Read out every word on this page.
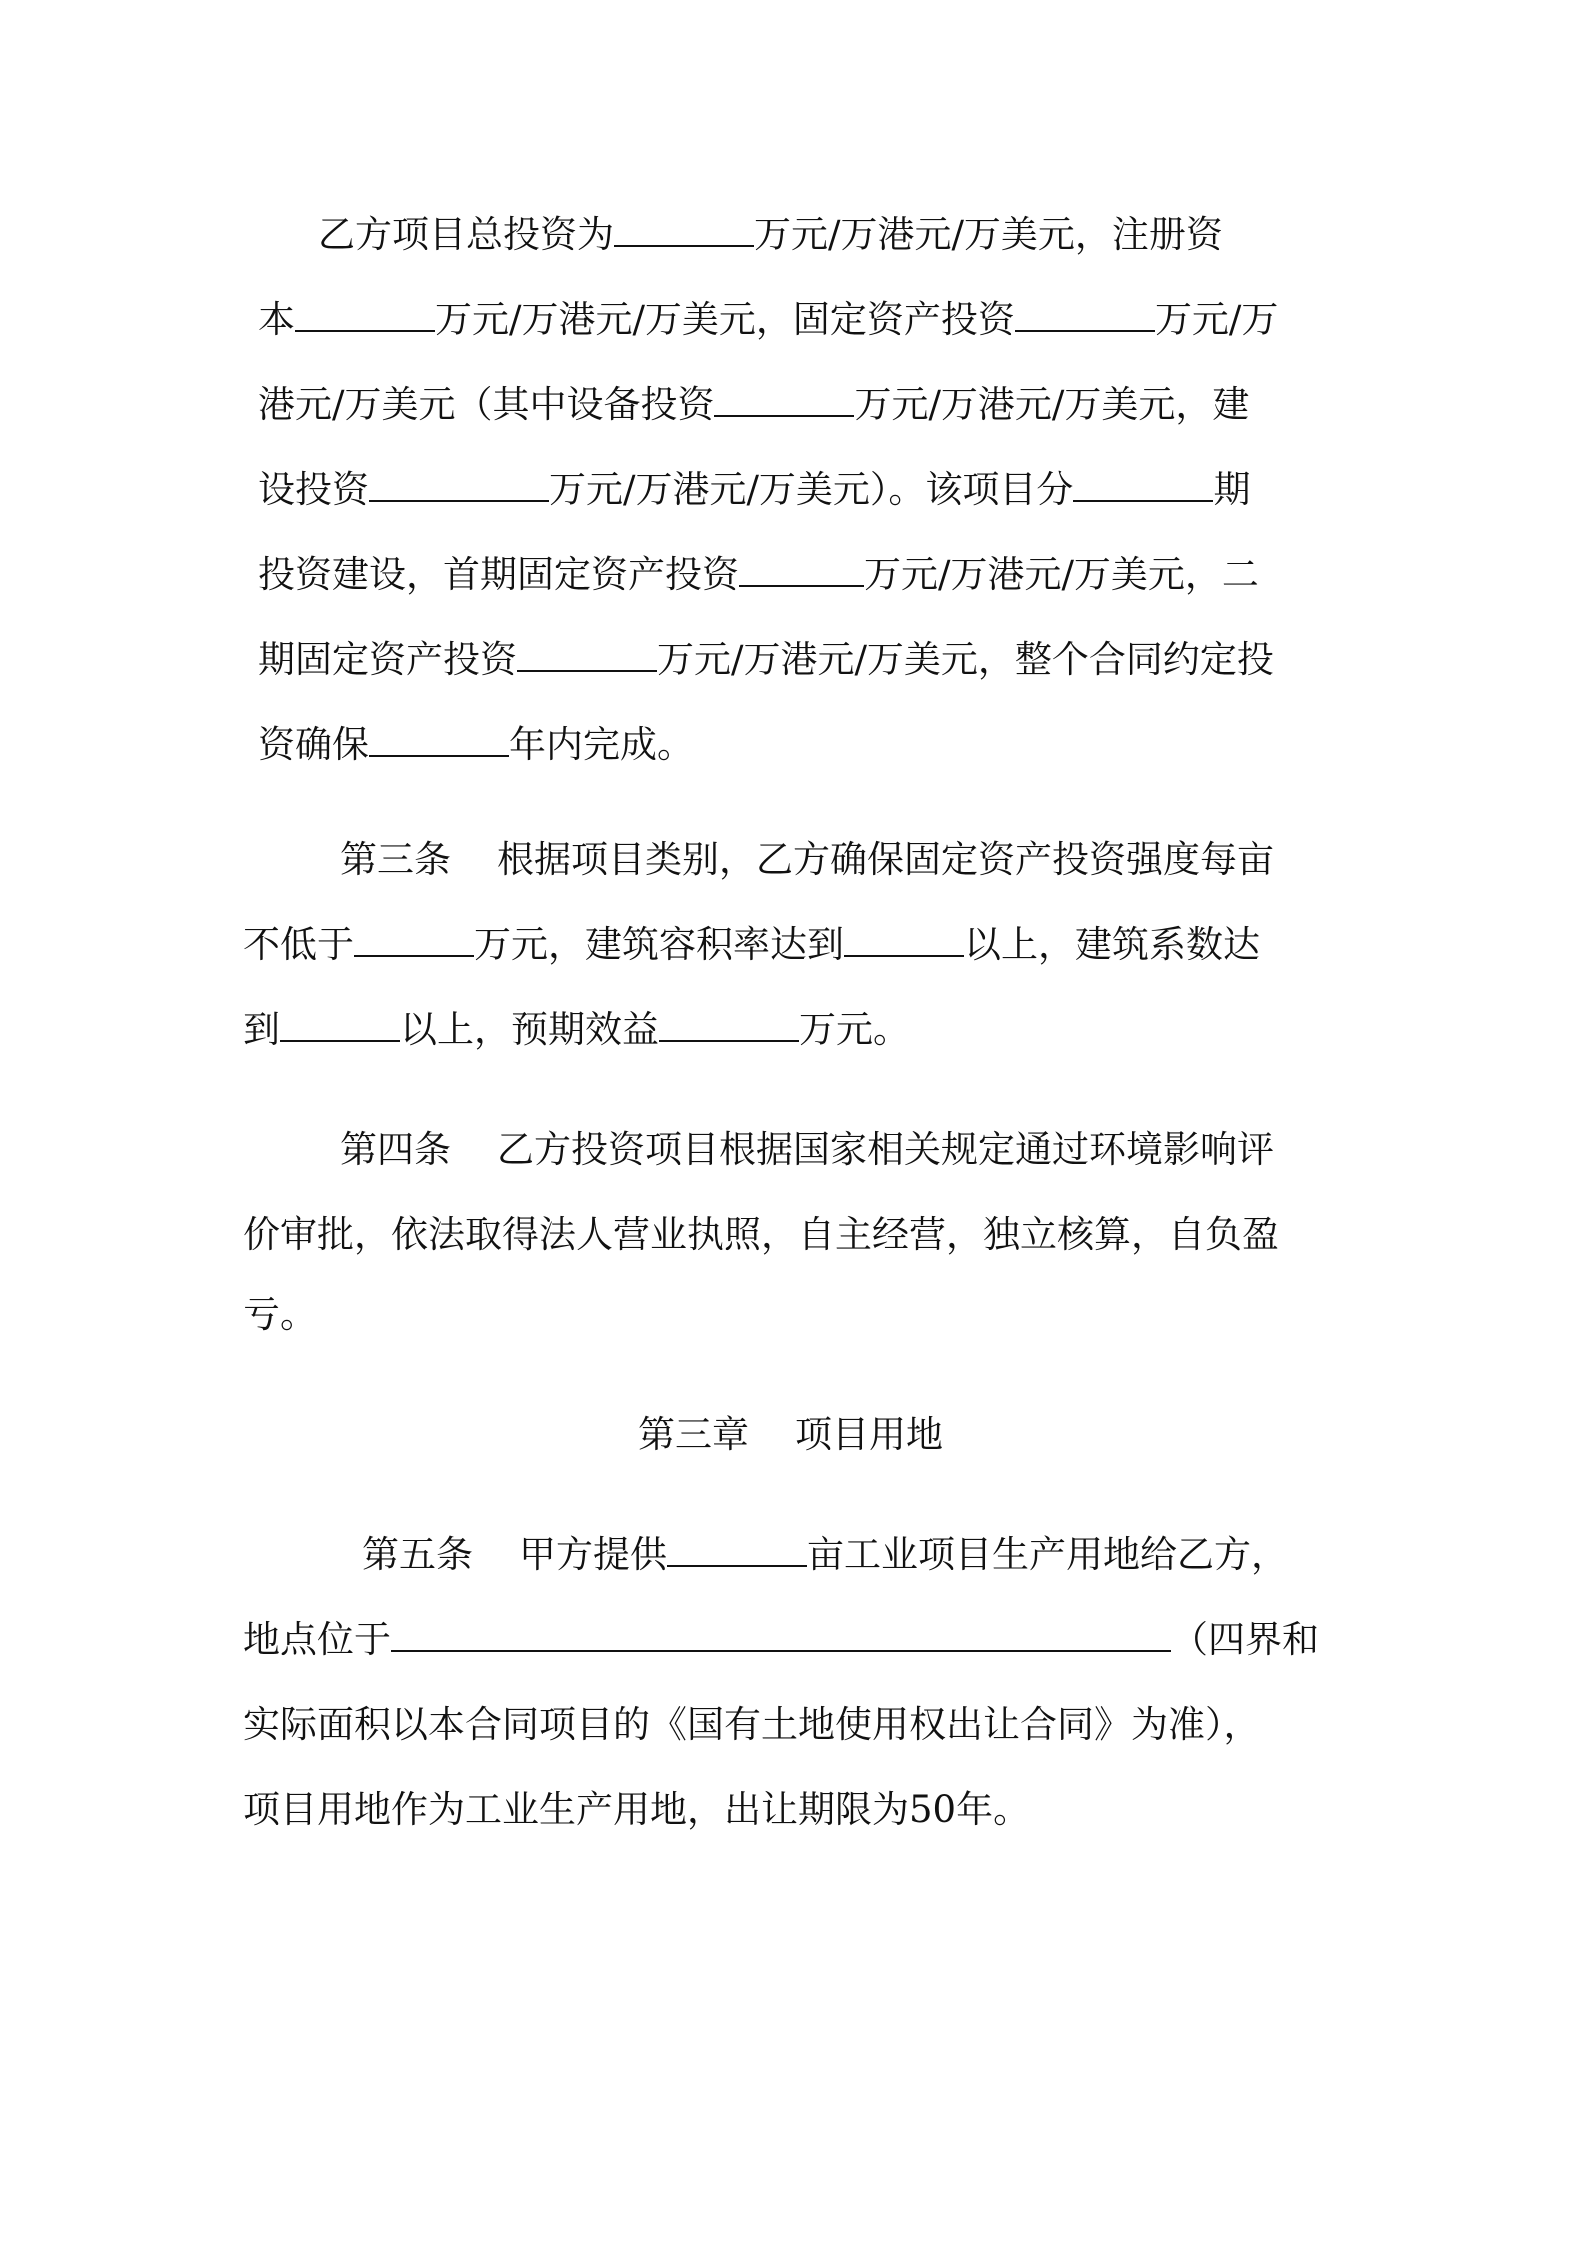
乙方项目总投资为	万元/万港元/万美元，注册资
本	万元/万港元/万美元，固定资产投资	万元/万
港元/万美元（其中设备投资	万元/万港元/万美元，建
设投资	万元/万港元/万美元）。该项目分	期
投资建设，首期固定资产投资	万元/万港元/万美元，二
期固定资产投资	万元/万港元/万美元，整个合同约定投
资确保	年内完成。
第三条 根据项目类别，乙方确保固定资产投资强度每亩
不低于	万元，建筑容积率达到	以上，建筑系数达
到	以上，预期效益	万元。
第四条 乙方投资项目根据国家相关规定通过环境影响评
价审批，依法取得法人营业执照，自主经营，独立核算，自负盈
亏。
第三章 项目用地
第五条 甲方提供	亩工业项目生产用地给乙方，
地点位于	（四界和
实际面积以本合同项目的《国有土地使用权出让合同》为准），
项目用地作为工业生产用地，出让期限为50年。
